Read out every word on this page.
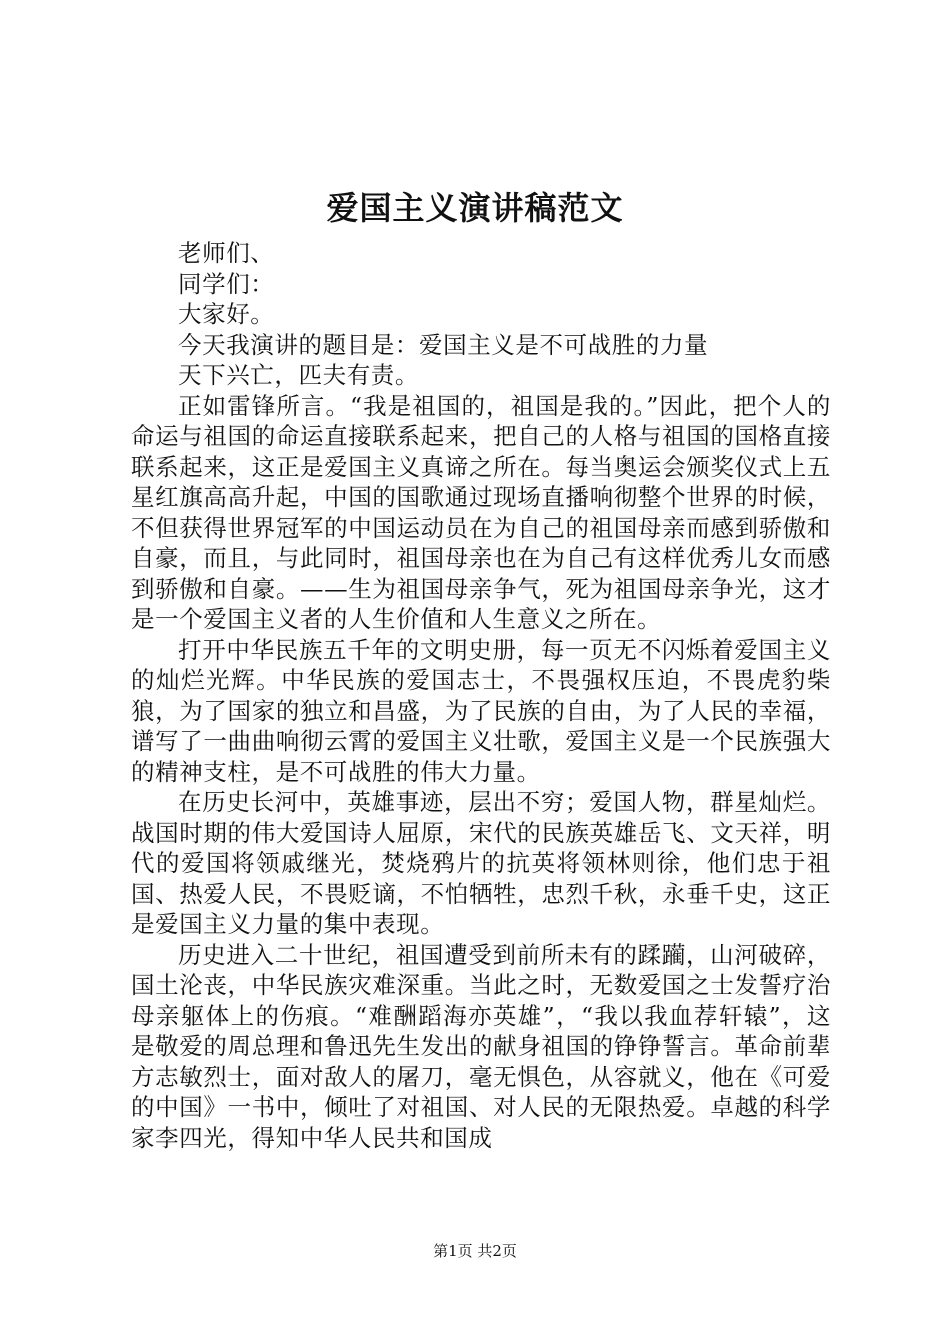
爱国主义演讲稿范文

老师们、

同学们：

大家好。

今天我演讲的题目是：爱国主义是不可战胜的力量

天下兴亡，匹夫有责。

正如雷锋所言。“我是祖国的，祖国是我的。”因此，把个人的命运与祖国的命运直接联系起来，把自己的人格与祖国的国格直接联系起来，这正是爱国主义真谛之所在。每当奥运会颁奖仪式上五星红旗高高升起，中国的国歌通过现场直播响彻整个世界的时候，不但获得世界冠军的中国运动员在为自己的祖国母亲而感到骄傲和自豪，而且，与此同时，祖国母亲也在为自己有这样优秀儿女而感到骄傲和自豪。——生为祖国母亲争气，死为祖国母亲争光，这才是一个爱国主义者的人生价值和人生意义之所在。

打开中华民族五千年的文明史册，每一页无不闪烁着爱国主义的灿烂光辉。中华民族的爱国志士，不畏强权压迫，不畏虎豹柴狼，为了国家的独立和昌盛，为了民族的自由，为了人民的幸福，谱写了一曲曲响彻云霄的爱国主义壮歌，爱国主义是一个民族强大的精神支柱，是不可战胜的伟大力量。

在历史长河中，英雄事迹，层出不穷；爱国人物，群星灿烂。战国时期的伟大爱国诗人屈原，宋代的民族英雄岳飞、文天祥，明代的爱国将领戚继光，焚烧鸦片的抗英将领林则徐，他们忠于祖国、热爱人民，不畏贬谪，不怕牺牲，忠烈千秋，永垂千史，这正是爱国主义力量的集中表现。

历史进入二十世纪，祖国遭受到前所未有的蹂躏，山河破碎，国土沦丧，中华民族灾难深重。当此之时，无数爱国之士发誓疗治母亲躯体上的伤痕。“难酬蹈海亦英雄”，“我以我血荐轩辕”，这是敬爱的周总理和鲁迅先生发出的献身祖国的铮铮誓言。革命前辈方志敏烈士，面对敌人的屠刀，毫无惧色，从容就义，他在《可爱的中国》一书中，倾吐了对祖国、对人民的无限热爱。卓越的科学家李四光，得知中华人民共和国成

第1页 共2页
